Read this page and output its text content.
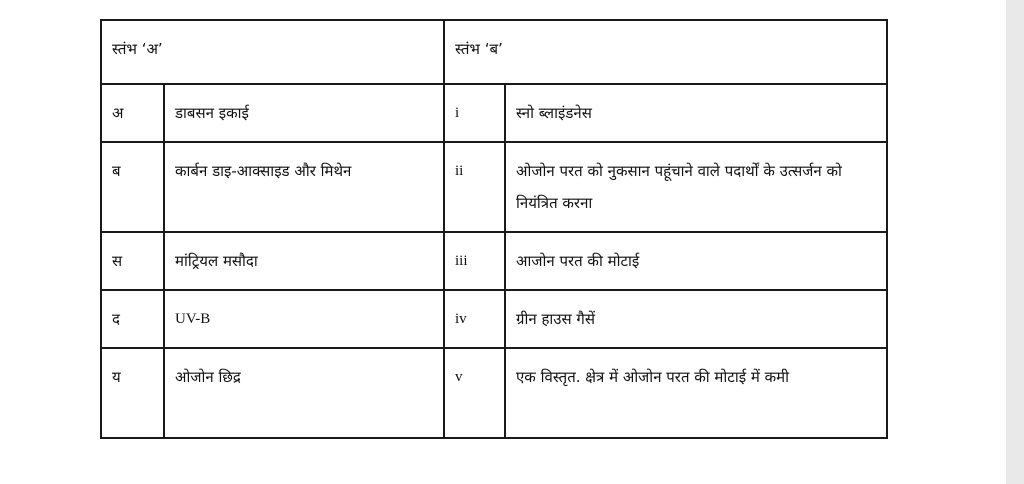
स्तंभ ‘अ’		स्तंभ ‘ब’	
अ	डाबसन इकाई	i	स्नो ब्लाइंडनेस
ब	कार्बन डाइ-आक्साइड और मिथेन	ii	ओजोन परत को नुकसान पहूंचाने वाले पदार्थों के उत्सर्जन को नियंत्रित करना
स	मांट्रियल मसौदा	iii	आजोन परत की मोटाई
द	UV-B	iv	ग्रीन हाउस गैसें
य	ओजोन छिद्र	v	एक विस्तृत. क्षेत्र में ओजोन परत की मोटाई में कमी
